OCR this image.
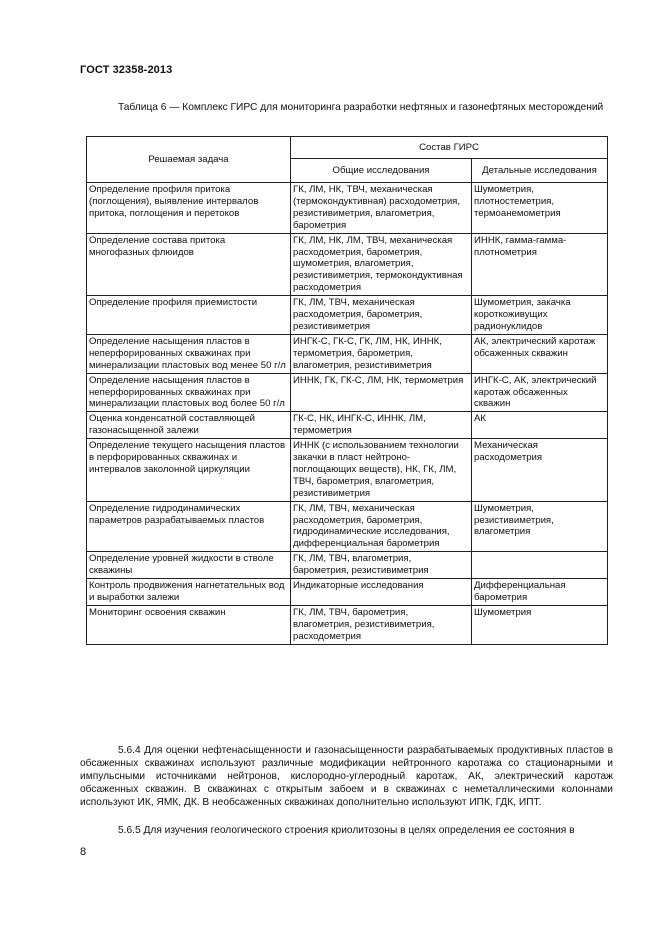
ГОСТ 32358-2013
Таблица 6 — Комплекс ГИРС для мониторинга разработки нефтяных и газонефтяных месторождений
Решаемая задача	Состав ГИРС	
	Общие исследования	Детальные исследования
Определение профиля притока (поглощения), выявление интервалов притока, поглощения и перетоков	ГК, ЛМ, НК, ТВЧ, механическая (термокондуктивная) расходометрия, резистивиметрия, влагометрия, барометрия	Шумометрия, плотностеметрия, термоанемометрия
Определение состава притока многофазных флюидов	ГК, ЛМ, НК, ЛМ, ТВЧ, механическая расходометрия, барометрия, шумометрия, влагометрия, резистивиметрия, термокондуктивная расходометрия	ИННК, гамма-гамма-плотнометрия
Определение профиля приемистости	ГК, ЛМ, ТВЧ, механическая расходометрия, барометрия, резистивиметрия	Шумометрия, закачка короткоживущих радионуклидов
Определение насыщения пластов в неперфорированных скважинах при минерализации пластовых вод менее 50 г/л	ИНГК-С, ГК-С, ГК, ЛМ, НК, ИННК, термометрия, барометрия, влагометрия, резистивиметрия	АК, электрический каротаж обсаженных скважин
Определение насыщения пластов в неперфорированных скважинах при минерализации пластовых вод более 50 г/л	ИННК, ГК, ГК-С, ЛМ, НК, термометрия	ИНГК-С, АК, электрический каротаж обсаженных скважин
Оценка конденсатной составляющей газонасыщенной залежи	ГК-С, НК, ИНГК-С, ИННК, ЛМ, термометрия	АК
Определение текущего насыщения пластов в перфорированных скважинах и интервалов заколонной циркуляции	ИННК (с использованием технологии закачки в пласт нейтроно-поглощающих веществ), НК, ГК, ЛМ, ТВЧ, барометрия, влагометрия, резистивиметрия	Механическая расходометрия
Определение гидродинамических параметров разрабатываемых пластов	ГК, ЛМ, ТВЧ, механическая расходометрия, барометрия, гидродинамические исследования, дифференциальная барометрия	Шумометрия, резистивиметрия, влагометрия
Определение уровней жидкости в стволе скважины	ГК, ЛМ, ТВЧ, влагометрия, барометрия, резистивиметрия	
Контроль продвижения нагнетательных вод и выработки залежи	Индикаторные исследования	Дифференциальная барометрия
Мониторинг освоения скважин	ГК, ЛМ, ТВЧ, барометрия, влагометрия, резистивиметрия, расходометрия	Шумометрия
5.6.4 Для оценки нефтенасыщенности и газонасыщенности разрабатываемых продуктивных пластов в обсаженных скважинах используют различные модификации нейтронного каротажа со стационарными и импульсными источниками нейтронов, кислородно-углеродный каротаж, АК, электрический каротаж обсаженных скважин. В скважинах с открытым забоем и в скважинах с неметаллическими колоннами используют ИК, ЯМК, ДК. В необсаженных скважинах дополнительно используют ИПК, ГДК, ИПТ.
5.6.5 Для изучения геологического строения криолитозоны в целях определения ее состояния в
8
